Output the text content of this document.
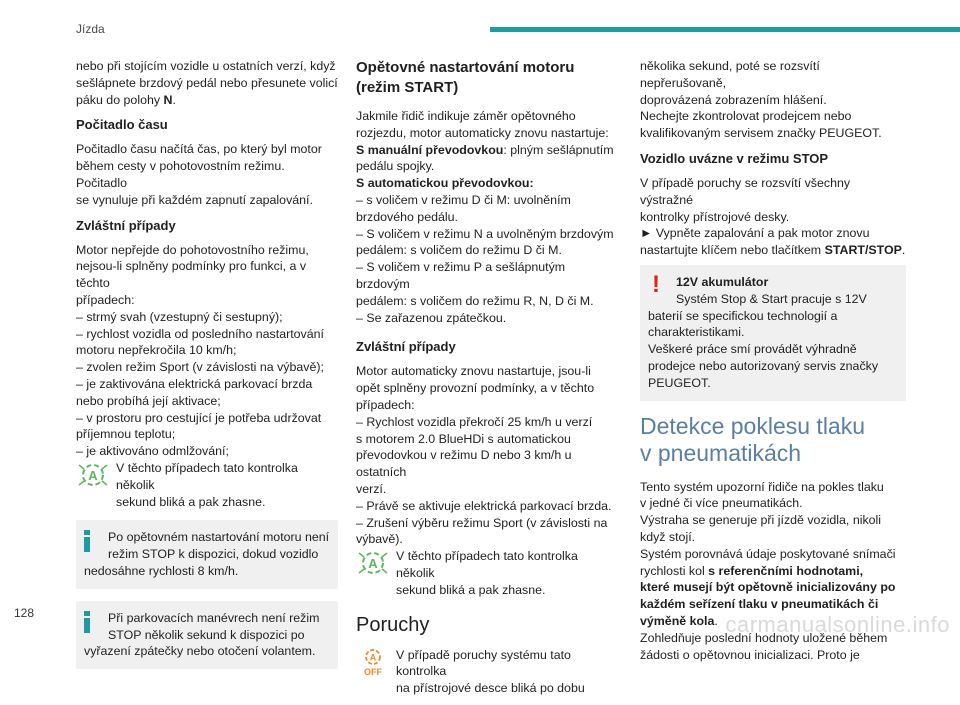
Jízda

nebo při stojícím vozidle u ostatních verzí, když
sešlápnete brzdový pedál nebo přesunete volicí
páku do polohy N.

Počitadlo času

Počitadlo času načítá čas, po který byl motor
během cesty v pohotovostním režimu. Počitadlo
se vynuluje při každém zapnutí zapalování.

Zvláštní případy

Motor nepřejde do pohotovostního režimu,
nejsou-li splněny podmínky pro funkci, a v těchto
případech:
– strmý svah (vzestupný či sestupný);
– rychlost vozidla od posledního nastartování
motoru nepřekročila 10 km/h;
– zvolen režim Sport (v závislosti na výbavě);
– je zaktivována elektrická parkovací brzda
nebo probíhá její aktivace;
– v prostoru pro cestující je potřeba udržovat
příjemnou teplotu;
– je aktivováno odmlžování;

A V těchto případech tato kontrolka několik
sekund bliká a pak zhasne.
Po opětovném nastartování motoru není
režim STOP k dispozici, dokud vozidlo
nedosáhne rychlosti 8 km/h.
Při parkovacích manévrech není režim
STOP několik sekund k dispozici po
vyřazení zpátečky nebo otočení volantem.
Opětovné nastartování motoru (režim START)

Jakmile řidič indikuje záměr opětovného
rozjezdu, motor automaticky znovu nastartuje:
S manuální převodovkou: plným sešlápnutím
pedálu spojky.
S automatickou převodovkou:
– s voličem v režimu D či M: uvolněním
brzdového pedálu.
– S voličem v režimu N a uvolněným brzdovým
pedálem: s voličem do režimu D či M.
– S voličem v režimu P a sešlápnutým brzdovým
pedálem: s voličem do režimu R, N, D či M.
– Se zařazenou zpátečkou.

Zvláštní případy

Motor automaticky znovu nastartuje, jsou-li
opět splněny provozní podmínky, a v těchto
případech:
– Rychlost vozidla překročí 25 km/h u verzí
s motorem 2.0 BlueHDi s automatickou
převodovkou v režimu D nebo 3 km/h u ostatních
verzí.
– Právě se aktivuje elektrická parkovací brzda.
– Zrušení výběru režimu Sport (v závislosti na
výbavě).

A V těchto případech tato kontrolka několik
sekund bliká a pak zhasne.
Poruchy
A
OFF
V případě poruchy systému tato kontrolka
na přístrojové desce bliká po dobu

několika sekund, poté se rozsvítí nepřerušovaně,
doprovázená zobrazením hlášení.
Nechejte zkontrolovat prodejcem nebo
kvalifikovaným servisem značky PEUGEOT.

Vozidlo uvázne v režimu STOP

V případě poruchy se rozsvítí všechny výstražné
kontrolky přístrojové desky.
► Vypněte zapalování a pak motor znovu
nastartujte klíčem nebo tlačítkem START/STOP.

!	12V akumulátor
Systém Stop & Start pracuje s 12V
baterií se specifickou technologií a
charakteristikami.
Veškeré práce smí provádět výhradně
prodejce nebo autorizovaný servis značky
PEUGEOT.
Detekce poklesu tlaku
v pneumatikách

Tento systém upozorní řidiče na pokles tlaku
v jedné či více pneumatikách.
Výstraha se generuje při jízdě vozidla, nikoli
když stojí.
Systém porovnává údaje poskytované snímači
rychlosti kol s referenčními hodnotami,
které musejí být opětovně inicializovány po
každém seřízení tlaku v pneumatikách či
výměně kola.
Zohledňuje poslední hodnoty uložené během
žádosti o opětovnou inicializaci. Proto je

128	carmanualsonline.info
